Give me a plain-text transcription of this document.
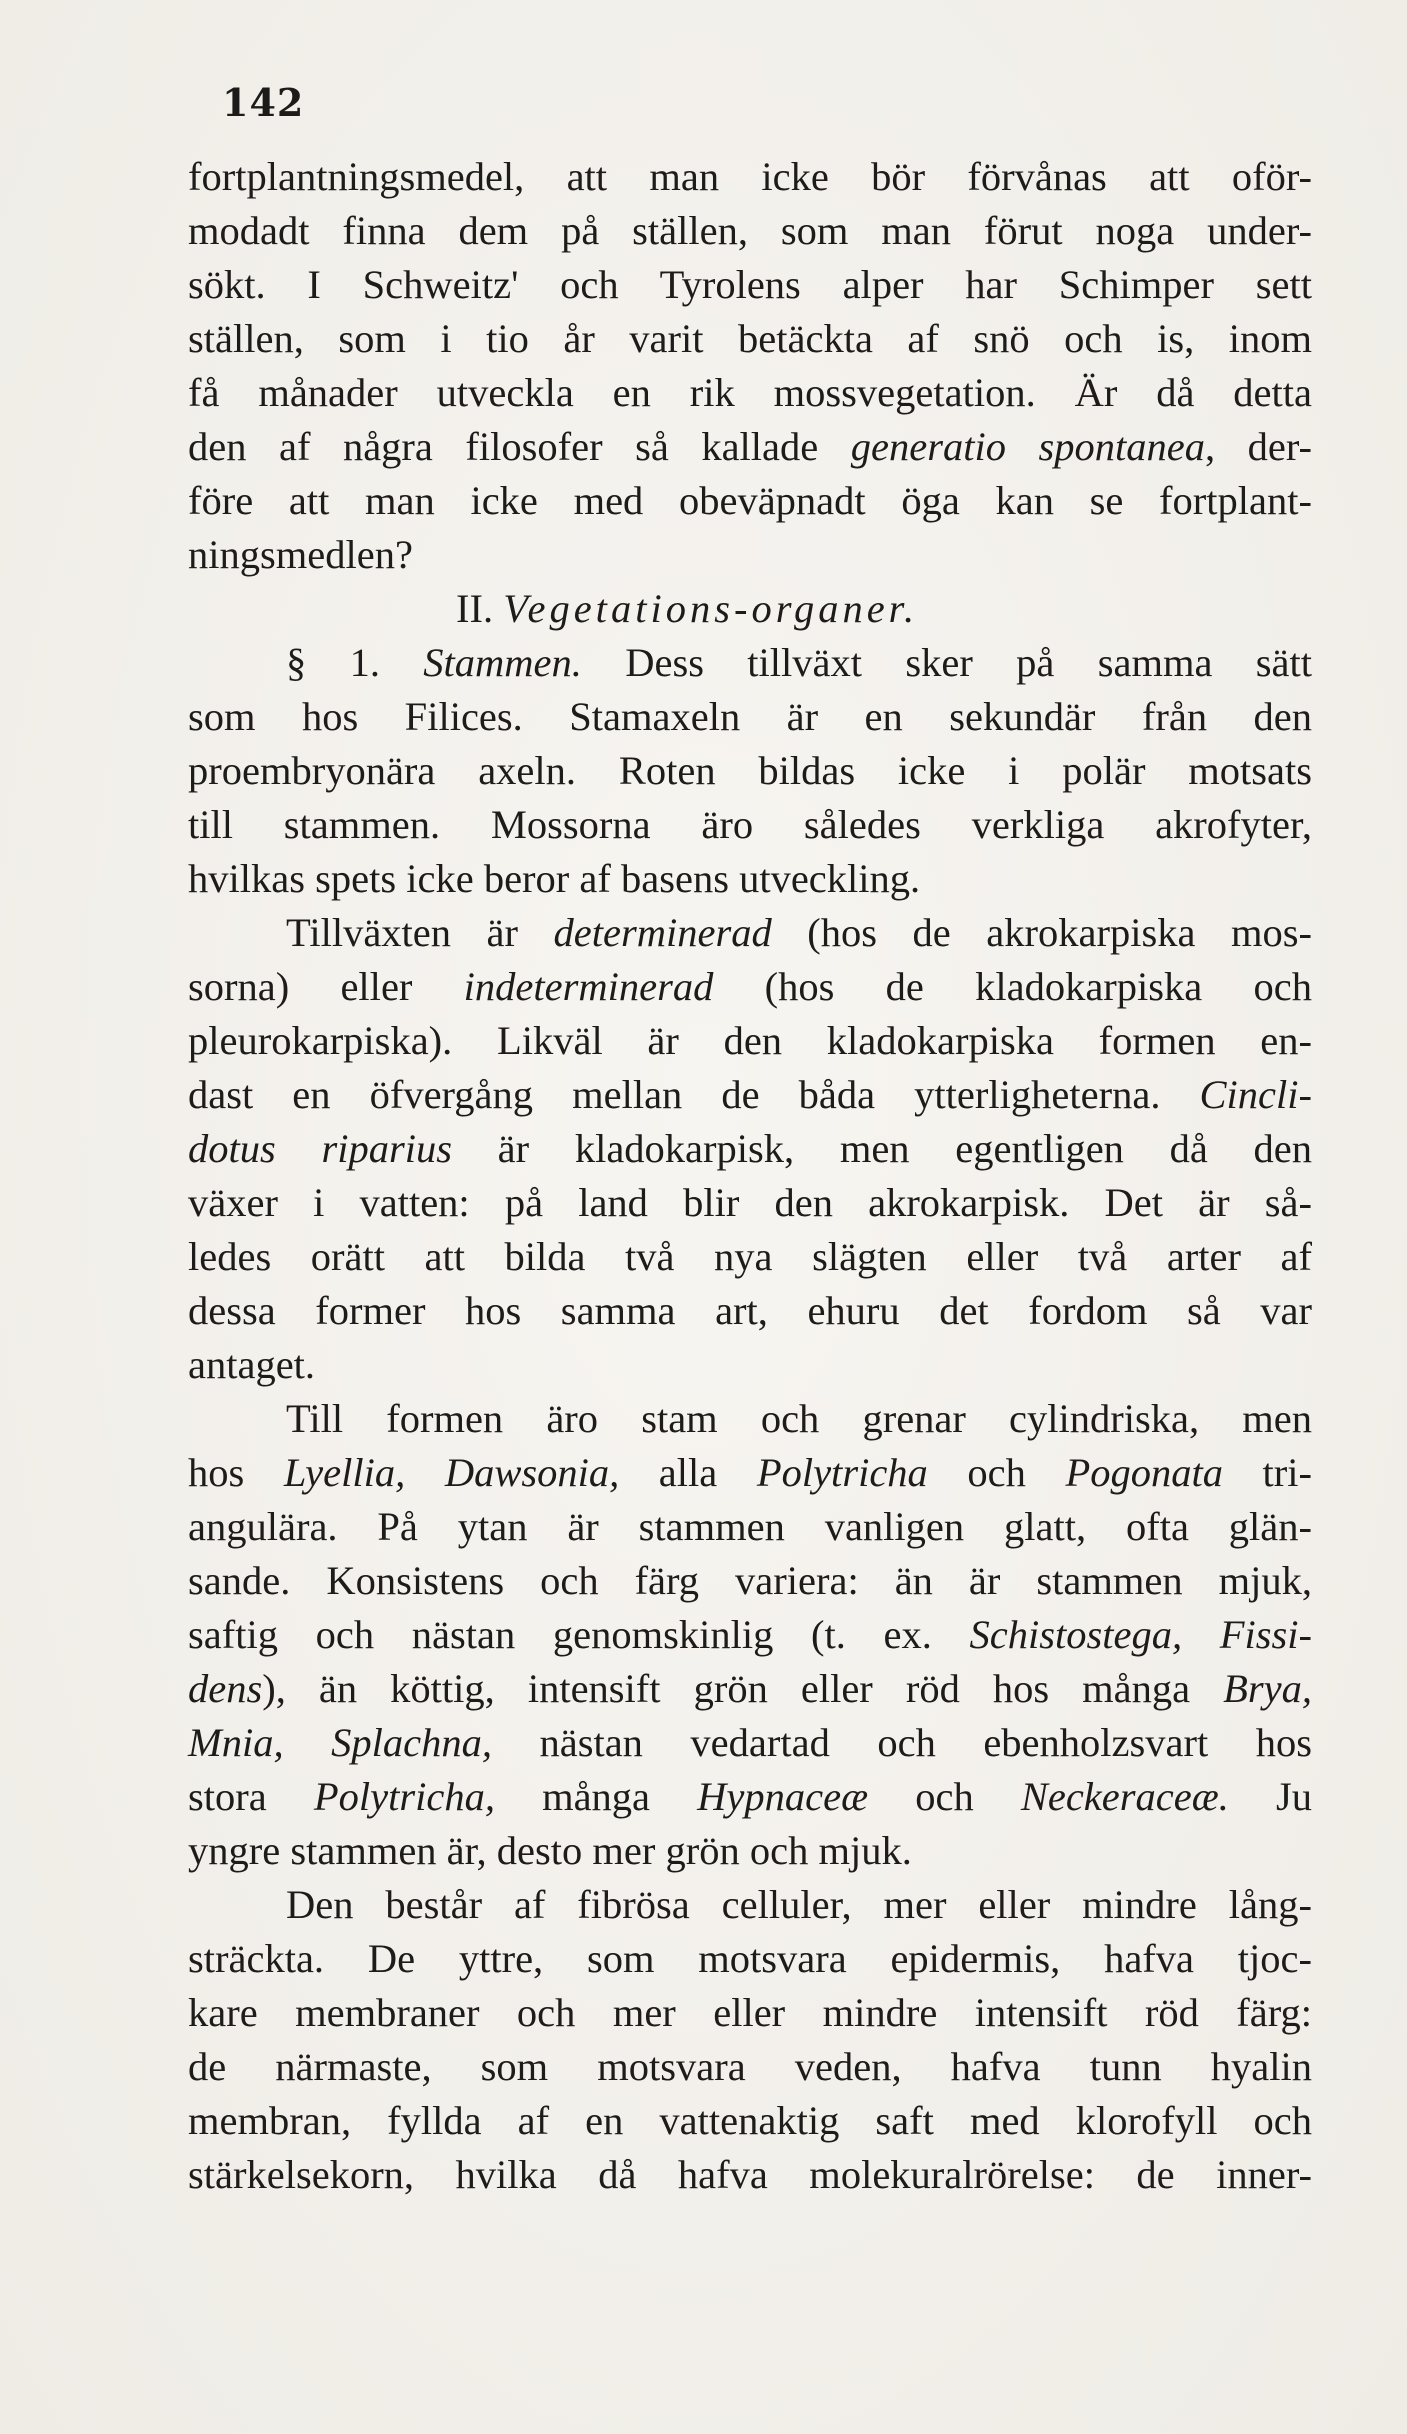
142
fortplantningsmedel, att man icke bör förvånas att oför-
modadt finna dem på ställen, som man förut noga under-
sökt. I Schweitz' och Tyrolens alper har Schimper sett
ställen, som i tio år varit betäckta af snö och is, inom
få månader utveckla en rik mossvegetation. Är då detta
den af några filosofer så kallade generatio spontanea, der-
före att man icke med obeväpnadt öga kan se fortplant-
ningsmedlen?
II. Vegetations-organer.
§ 1. Stammen. Dess tillväxt sker på samma sätt
som hos Filices. Stamaxeln är en sekundär från den
proembryonära axeln. Roten bildas icke i polär motsats
till stammen. Mossorna äro således verkliga akrofyter,
hvilkas spets icke beror af basens utveckling.
Tillväxten är determinerad (hos de akrokarpiska mos-
sorna) eller indeterminerad (hos de kladokarpiska och
pleurokarpiska). Likväl är den kladokarpiska formen en-
dast en öfvergång mellan de båda ytterligheterna. Cincli-
dotus riparius är kladokarpisk, men egentligen då den
växer i vatten: på land blir den akrokarpisk. Det är så-
ledes orätt att bilda två nya slägten eller två arter af
dessa former hos samma art, ehuru det fordom så var
antaget.
Till formen äro stam och grenar cylindriska, men
hos Lyellia, Dawsonia, alla Polytricha och Pogonata tri-
angulära. På ytan är stammen vanligen glatt, ofta glän-
sande. Konsistens och färg variera: än är stammen mjuk,
saftig och nästan genomskinlig (t. ex. Schistostega, Fissi-
dens), än köttig, intensift grön eller röd hos många Brya,
Mnia, Splachna, nästan vedartad och ebenholzsvart hos
stora Polytricha, många Hypnaceæ och Neckeraceæ. Ju
yngre stammen är, desto mer grön och mjuk.
Den består af fibrösa celluler, mer eller mindre lång-
sträckta. De yttre, som motsvara epidermis, hafva tjoc-
kare membraner och mer eller mindre intensift röd färg:
de närmaste, som motsvara veden, hafva tunn hyalin
membran, fyllda af en vattenaktig saft med klorofyll och
stärkelsekorn, hvilka då hafva molekuralrörelse: de inner-
